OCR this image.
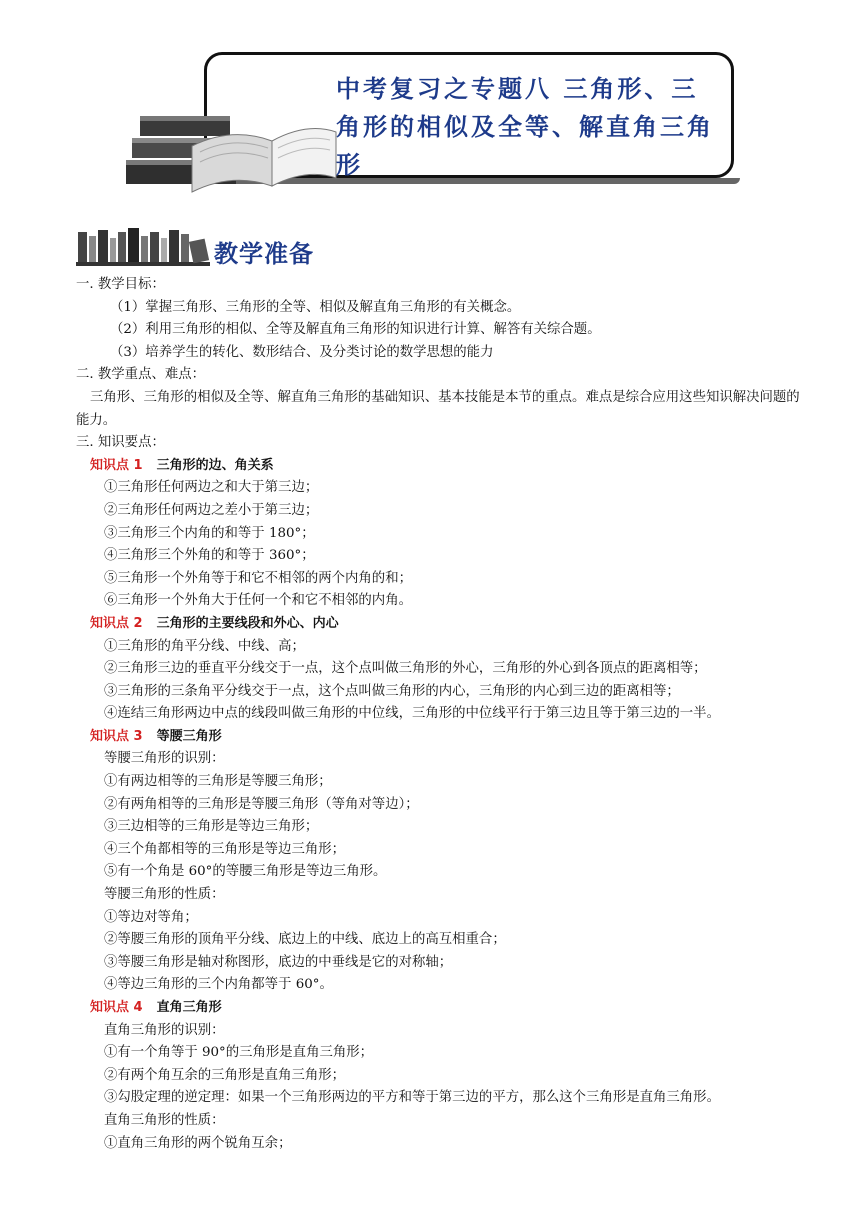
中考复习之专题八 三角形、三角形的相似及全等、解直角三角形
教学准备
一. 教学目标：
（1）掌握三角形、三角形的全等、相似及解直角三角形的有关概念。
（2）利用三角形的相似、全等及解直角三角形的知识进行计算、解答有关综合题。
（3）培养学生的转化、数形结合、及分类讨论的数学思想的能力
二. 教学重点、难点：
三角形、三角形的相似及全等、解直角三角形的基础知识、基本技能是本节的重点。难点是综合应用这些知识解决问题的能力。
三. 知识要点：
知识点 1 三角形的边、角关系
①三角形任何两边之和大于第三边；
②三角形任何两边之差小于第三边；
③三角形三个内角的和等于 180°；
④三角形三个外角的和等于 360°；
⑤三角形一个外角等于和它不相邻的两个内角的和；
⑥三角形一个外角大于任何一个和它不相邻的内角。
知识点 2 三角形的主要线段和外心、内心
①三角形的角平分线、中线、高；
②三角形三边的垂直平分线交于一点，这个点叫做三角形的外心，三角形的外心到各顶点的距离相等；
③三角形的三条角平分线交于一点，这个点叫做三角形的内心，三角形的内心到三边的距离相等；
④连结三角形两边中点的线段叫做三角形的中位线，三角形的中位线平行于第三边且等于第三边的一半。
知识点 3 等腰三角形
等腰三角形的识别：
①有两边相等的三角形是等腰三角形；
②有两角相等的三角形是等腰三角形（等角对等边）；
③三边相等的三角形是等边三角形；
④三个角都相等的三角形是等边三角形；
⑤有一个角是 60°的等腰三角形是等边三角形。
等腰三角形的性质：
①等边对等角；
②等腰三角形的顶角平分线、底边上的中线、底边上的高互相重合；
③等腰三角形是轴对称图形，底边的中垂线是它的对称轴；
④等边三角形的三个内角都等于 60°。
知识点 4 直角三角形
直角三角形的识别：
①有一个角等于 90°的三角形是直角三角形；
②有两个角互余的三角形是直角三角形；
③勾股定理的逆定理：如果一个三角形两边的平方和等于第三边的平方，那么这个三角形是直角三角形。
直角三角形的性质：
①直角三角形的两个锐角互余；
